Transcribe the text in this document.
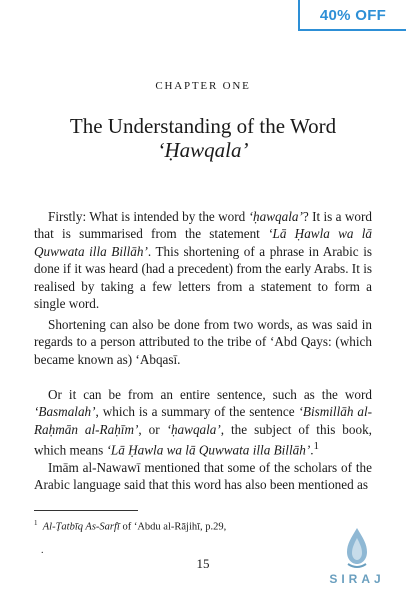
40% OFF
CHAPTER ONE
The Understanding of the Word
‘Ḥawqala’

Firstly: What is intended by the word ‘ḥawqala’? It is a word that is summarised from the statement ‘Lā Ḥawla wa lā Quwwata illa Billāh’. This shortening of a phrase in Arabic is done if it was heard (had a precedent) from the early Arabs. It is realised by taking a few letters from a statement to form a single word.

Shortening can also be done from two words, as was said in regards to a person attributed to the tribe of ‘Abd Qays: (which became known as) ‘Abqasī.

Or it can be from an entire sentence, such as the word ‘Basmalah’, which is a summary of the sentence ‘Bismillāh al-Raḥmān al-Raḥīm’, or ‘ḥawqala’, the subject of this book, which means ‘Lā Ḥawla wa lā Quwwata illa Billāh’.$^1$

Imām al-Nawawī mentioned that some of the scholars of the Arabic language said that this word has also been mentioned as

$^1$ Al-Ṭatbīq As-Sarfī of ‘Abdu al-Rājihī, p.29,
.
15
SIRAJ
